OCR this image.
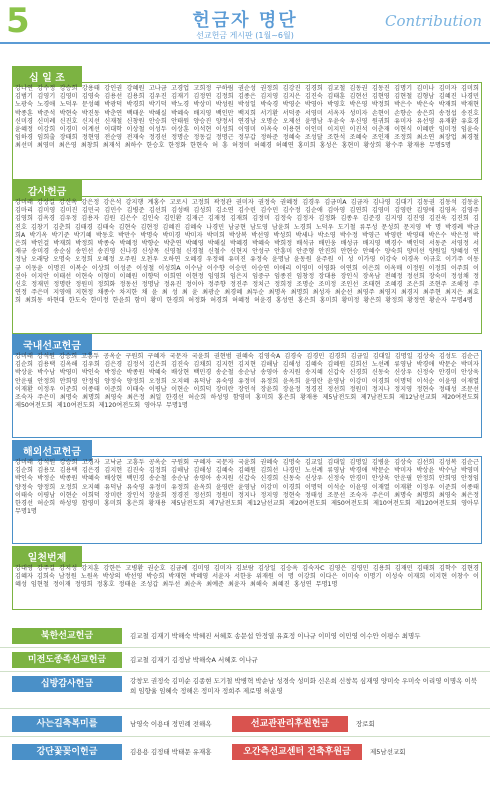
5	헌금자 명단
선교헌금 게시판 (1월~6월)
Contribution
십 일 조
강나연 강수정 강승희 강용태 강인권 강혜원 고나금 고경업 고희정 구하림 권순성 권정희 김강진 김경희 김교철 김동권 김동진 김명기 김미나 김미자 김미희 김범기 김영기 김영미 김영숙 김용선 김용희 김우진 김재기 김정연 김정희 김종은 김지영 김지은 김진숙 김태훈 김현선 김현영 김현철 김형남 김혜진 나경민 노광숙 노경애 노덕우 문성혜 박광덕 박경희 박기덕 박노경 박상미 박성원 박성일 박숙경 박영순 박영아 박영호 박은영 박정희 박은수 박은숙 박재희 박재현 박종훈 박준석 박현숙 박진동 박춘연 백태운 박해실 박혜숙 배지영 백인만 백지희 서기환 서덕중 서영미 서옥자 성미자 손현이 손향순 송은희 송정섭 송진호 신미경 신미례 신진호 신지선 신재철 신창원 안승희 안태원 양승진 양정서 연경남 오명순 오제선 윤명남 우윤숙 우신영 원귀희 유미자 유선영 유재환 유효경 윤혜정 이강희 이경미 이계선 이대학 이상철 이성두 이상훈 이석현 이성희 이영미 이옥숙 이용현 이인미 이지민 이진석 이춘재 이현식 이혜란 임미정 임윤숙 임하경 임희출 장태희 정현영 전순영 전재숙 정경선 정명순 정동길 정명근 정부갑 정하준 정혜숙 조성달 조한석 조혜숙 조인재 조정희 최소연 최장업 최경철 최선미 최영미 최은영 최창희 최재석 최하수 한승호 한정화 한현숙 허 흥 허정미 허혜경 허혜연 홍미희 홍성은 홍현미 황상희 황수주 황재용 무명5명
감사헌금
강미래 강상길 강신옥 강은정 강은석 강지행 계홍수 고로시 고정희 곽정관 권미자 권정숙 권혜정 김경우 김금미A 김금자 김나영 김대기 김동권 김동석 김동윤 김마리 김미영 김미진 김민국 김민수 김병준 김선희 김성배 김성희 김소연 김수린 김수민 김수정 김순애 김아영 김연희 김영미 김영란 김영애 김영옥 김영주 김영희 김옥경 김우정 김용자 김원 김은수 김인숙 김인환 김재근 김재정 김재희 김정미 김정숙 김정자 김정화 김종우 김준경 김지영 김진영 김진욱 김진희 김진호 김창기 김춘희 김태경 김태숙 김현숙 김현정 김혜진 김혜숙 나경민 남궁현 남도영 남윤희 노경희 노덕우 도기철 류무성 문성희 문지영 박 명 박경례 박금희A 박기옥 박기준 박기혜 박동호 박만수 박명숙 박미경 박미자 박미희 박상복 박선영 박성희 박세나 박소영 박수정 박영근 박영란 박영태 박은수 박은정 박은희 박인걸 박재희 박정희 박종숙 박혜정 박향순 박춘연 박혜영 박해실 박혜경 박혜숙 박희정 배석규 배민웅 배성규 배지영 백경수 백인덕 서동준 서영정 서재규 송미경 송순심 송인선 송진영 신나경 신상목 신영철 신경철 신철수 신현지 안성구 안흥미 안준형 안진희 안현승 안혜수 양숙희 양미선 양원일 양혜성 연정남 오래당 오명숙 오정희 오혜정 오주원 오천우 오하연 오혜경 우정혜 유미진 유정숙 윤명남 윤동원 윤주원 이 성 이가영 이강숙 이경옥 이규호 이기주 이동규 이동윤 이명진 이복순 이상희 이성준 이성철 이성희A 이수남 이수향 이승민 이승연 이애리 이영미 이영화 이연희 이은희 이옥매 이정원 이정희 이주희 이진아 이지안 이태선 이현숙 이형미 이혜원 이향덕 이희연 이현정 임영희 임은지 임중구 임종진 임창정 장대용 장인식 장옥남 전혜정 정선희 장숙미 정성채 정신호 정재민 정명란 정원미 정희화 정동선 정명남 정유진 정이아 정주향 정진주 정치근 정희정 조명순 조미정 조인선 조태현 조혜경 조은희 조현주 조해정 주연정 주은미 지영애 지현정 채종수 차지한 채 윤 최 성 최 윤 최광순 최경혜 최두순 최명옥 최명희 최성자 최순선 최영주 최영지 최경지 최주현 최지은 최효희 최희동 하현대 한도숙 한미정 한윤희 함미 황미 한경희 허정화 허경희 허혜정 허윤경 홍성연 홍은희 홍미희 황미정 황은희 황정희 황정연 황순자 무명4명
국내선교헌금
강미래 강석원 강승희 고흥두 공옥순 구원희 구혜자 국문자 국윤희 권현범 권혜숙 김영숙A 김경숙 김경민 김경희 김금일 김대일 김명일 김상숙 김성도 김순근 김순희 김용택 김옥해 김우희 김은경 김정석 김은희 김진숙 김채희 김지헌 김지현 김해남 김해성 김혜숙 김혜원 김희선 노선례 류영남 박경애 박문순 박미자 박상윤 박수남 박영미 박인숙 박정순 박종원 박혜숙 배상현 백민경 송순철 송순남 송영아 송지원 송지혜 신갑숙 신경희 신동숙 신상우 신정숙 안경미 안상욱 안운필 안정희 안희영 안정임 양정숙 양정희 오정희 오지혜 유덕남 유숙영 유정미 유정희 윤옥희 윤영란 윤영남 이강미 이경희 이명덕 이석순 이윤영 이재열 이재환 이정우 이준희 이종태 이준희 이태숙 이평남 이현순 이희덕 장미란 장인석 장윤희 장윤정 정경진 정선희 정원미 정지나 정지영 정현숙 정태성 조문선 조숙자 주은미 최명숙 최명희 최영숙 최은정 최일 한경선 허순희 하성영 함영미 홍미희 홍은희 황재용 제5남전도회 제7남전도회 제12남선교회 제20여전도회 제50여전도회 제10여전도회 제120여전도회 영아부 무명1명
해외선교헌금
강미래 강석원 강승희 고경자 고낙균 고흥두 공옥순 구원회 구혜자 국문자 국윤희 권혜숙 김명숙 김교일 김대일 김명일 김병윤 김상숙 김선희 김성복 김순근 김순희 김용모 김용택 김은경 김지헌 김진숙 김정희 김해남 김해성 김혜숙 김혜원 김희선 나경민 노선례 류영남 박경애 박문순 박미자 박상윤 박수남 박영미 박인숙 박정순 박종원 박혜숙 배상현 백민경 송순철 송순남 송영아 송지원 신갑숙 신경희 신동숙 신상우 신정숙 안경미 안상욱 안운필 안정희 안희영 안정임 양정숙 양정희 오정희 오지혜 유덕남 유숙영 유정미 유정희 윤옥희 윤영란 윤영남 이강미 이경희 이명덕 이석순 이윤영 이재열 이재환 이정우 이준희 이종태 이태숙 이평남 이현순 이희덕 장미란 장인석 장윤희 정경진 정선희 정원미 정지나 정지영 정현숙 정태성 조문선 조숙자 주은미 최명숙 최명희 최영숙 최은정 한경선 허순희 하성영 함영미 홍미희 홍은희 황재용 제5남전도회 제7남전도회 제12남선교회 제20여전도회 제50여전도회 제10여전도회 제120여전도회 영아부 무명1명
일천번제
강대영 강주길 강지성 강지훈 강한든 고병환 권순호 김금례 김미영 김미자 김보람 김상일 김승옥 김숙자C 김영은 김영민 김용희 김재민 김태희 김학수 김현경 김혜자 김희숙 남정원 노원옥 박상의 박선영 박승희 박재현 박혜영 서윤자 서한웅 위재원 이 명 이강희 이다은 이미숙 이명기 이성숙 이재희 이지현 이창수 이혜성 임현철 정이재 정영희 정홍호 정태윤 조성갑 최두선 최순옥 최예준 최윤자 최해숙 최혜진 홍성연 무명1명
북한선교헌금	김교철 김재기 박해숙 박혜진 서혜호 송문섭 안정열 유효정 이나규 이미영 이민영 이수안 이평수 최명두
미전도종족선교헌금	김교철 김재기 김정남 박해숙A 서혜호 이나규
십방감사헌금	강창모 권정숙 김미순 김종현 도기철 박병혁 박순남 성경숙 성미화 신은희 신창목 심재영 양미숙 우미숙 이리영 이명옥 이북희 임향율 임혜숙 정해은 정미자 정희주 제로명 허운영
사는길축복미를	남영숙 이용대 정민례 전해옥	선교관관리후원헌금	장로회
강단꽃꽂이헌금	김용용 김정태 박태문 유재홍	오간측선교센터 건축후원금	제5남선교회
